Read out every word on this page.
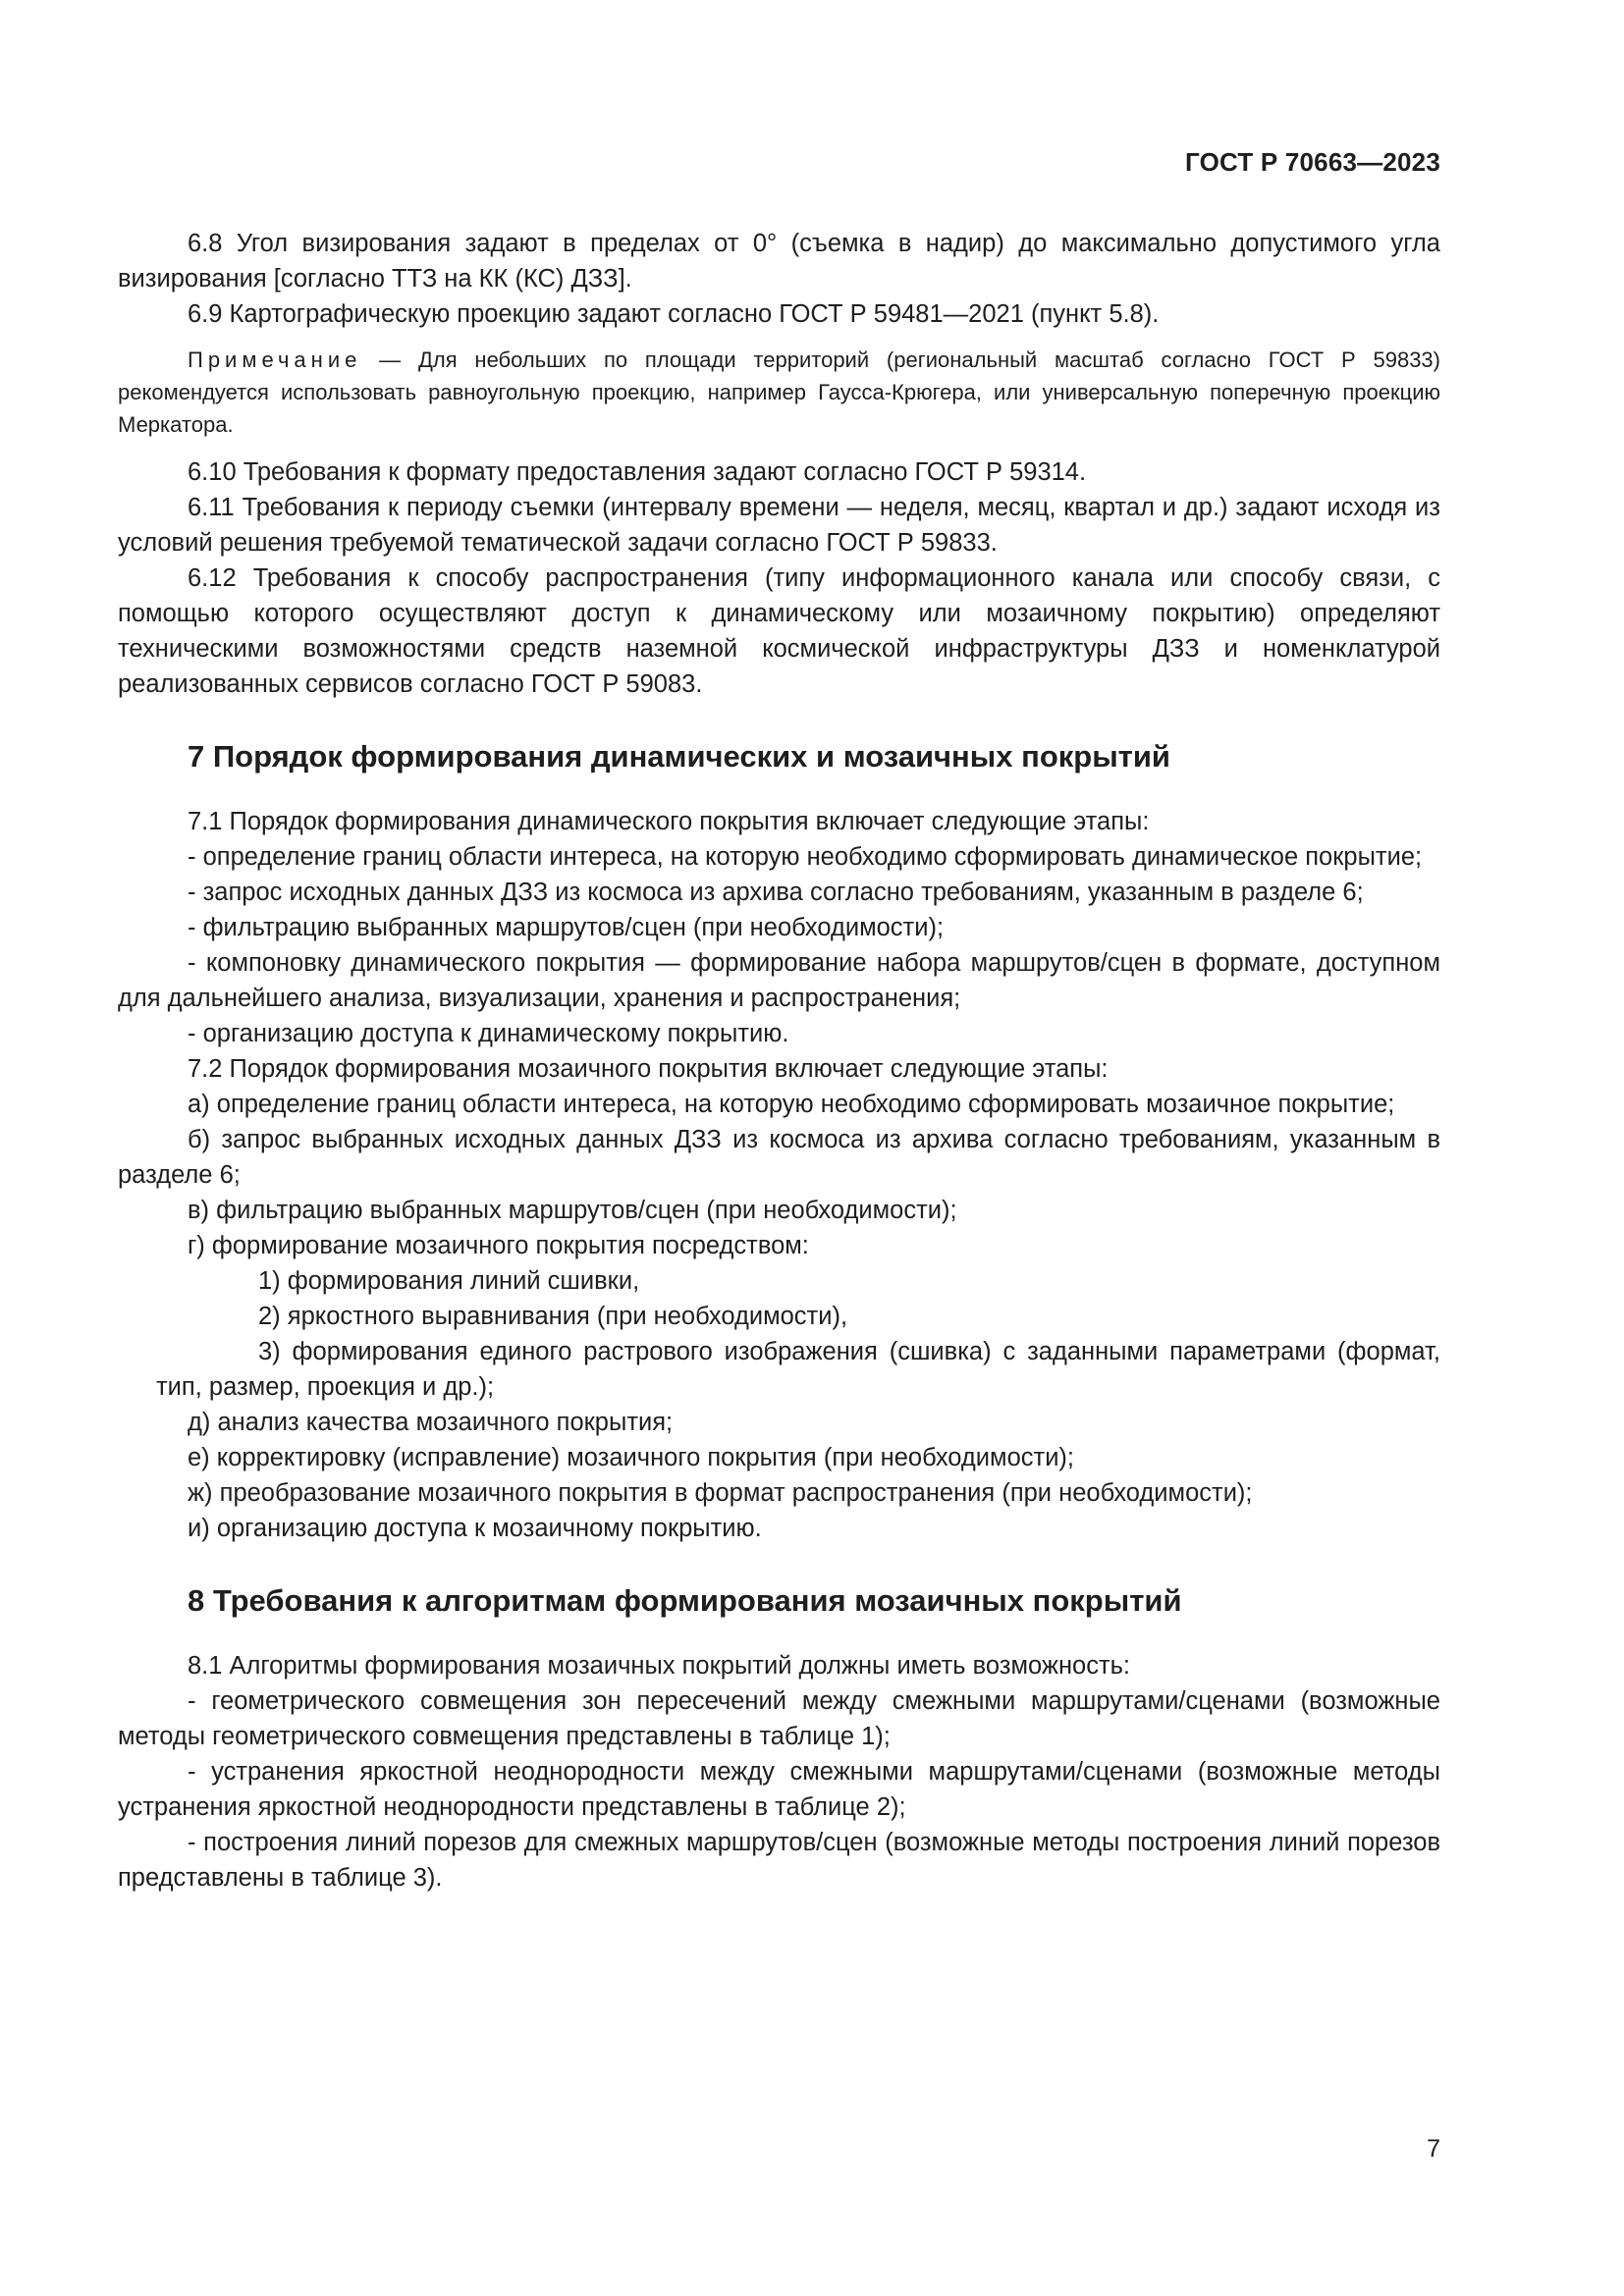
ГОСТ Р 70663—2023

6.8 Угол визирования задают в пределах от 0° (съемка в надир) до максимально допустимого угла визирования [согласно ТТЗ на КК (КС) ДЗЗ].

6.9 Картографическую проекцию задают согласно ГОСТ Р 59481—2021 (пункт 5.8).

Примечание — Для небольших по площади территорий (региональный масштаб согласно ГОСТ Р 59833) рекомендуется использовать равноугольную проекцию, например Гаусса-Крюгера, или универсальную поперечную проекцию Меркатора.

6.10 Требования к формату предоставления задают согласно ГОСТ Р 59314.

6.11 Требования к периоду съемки (интервалу времени — неделя, месяц, квартал и др.) задают исходя из условий решения требуемой тематической задачи согласно ГОСТ Р 59833.

6.12 Требования к способу распространения (типу информационного канала или способу связи, с помощью которого осуществляют доступ к динамическому или мозаичному покрытию) определяют техническими возможностями средств наземной космической инфраструктуры ДЗЗ и номенклатурой реализованных сервисов согласно ГОСТ Р 59083.

7 Порядок формирования динамических и мозаичных покрытий

7.1 Порядок формирования динамического покрытия включает следующие этапы:

- определение границ области интереса, на которую необходимо сформировать динамическое покрытие;

- запрос исходных данных ДЗЗ из космоса из архива согласно требованиям, указанным в разделе 6;

- фильтрацию выбранных маршрутов/сцен (при необходимости);

- компоновку динамического покрытия — формирование набора маршрутов/сцен в формате, доступном для дальнейшего анализа, визуализации, хранения и распространения;

- организацию доступа к динамическому покрытию.

7.2 Порядок формирования мозаичного покрытия включает следующие этапы:

а) определение границ области интереса, на которую необходимо сформировать мозаичное покрытие;

б) запрос выбранных исходных данных ДЗЗ из космоса из архива согласно требованиям, указанным в разделе 6;

в) фильтрацию выбранных маршрутов/сцен (при необходимости);

г) формирование мозаичного покрытия посредством:

1) формирования линий сшивки,

2) яркостного выравнивания (при необходимости),

3) формирования единого растрового изображения (сшивка) с заданными параметрами (формат, тип, размер, проекция и др.);

д) анализ качества мозаичного покрытия;

е) корректировку (исправление) мозаичного покрытия (при необходимости);

ж) преобразование мозаичного покрытия в формат распространения (при необходимости);

и) организацию доступа к мозаичному покрытию.

8 Требования к алгоритмам формирования мозаичных покрытий

8.1 Алгоритмы формирования мозаичных покрытий должны иметь возможность:

- геометрического совмещения зон пересечений между смежными маршрутами/сценами (возможные методы геометрического совмещения представлены в таблице 1);

- устранения яркостной неоднородности между смежными маршрутами/сценами (возможные методы устранения яркостной неоднородности представлены в таблице 2);

- построения линий порезов для смежных маршрутов/сцен (возможные методы построения линий порезов представлены в таблице 3).

7
